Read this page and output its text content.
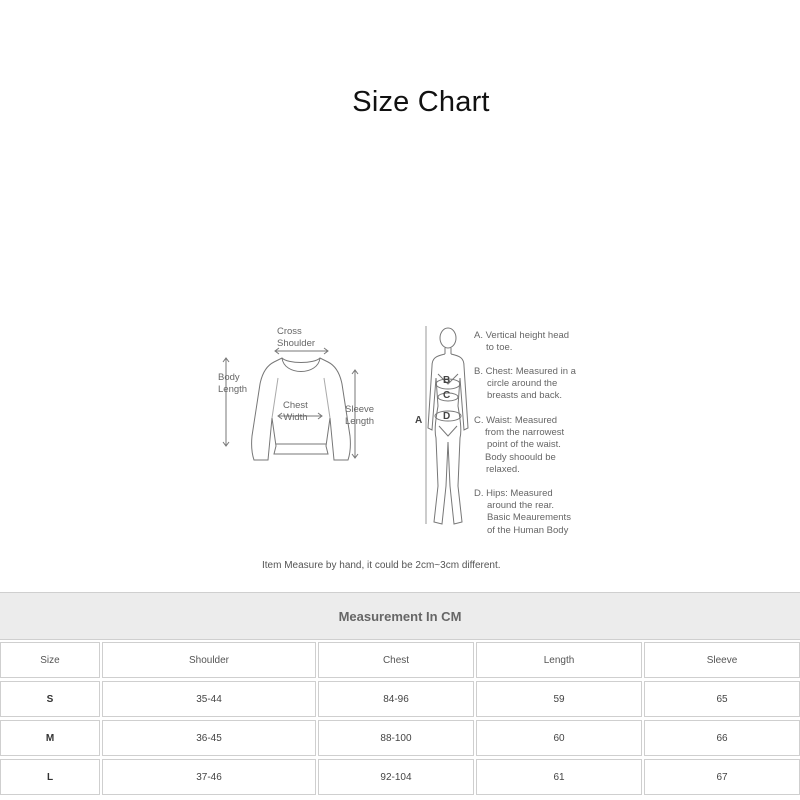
Size Chart
Cross
Shoulder
Body
Length
Chest
Width
Sleeve
Length	A
B
C
D
A. Vertical height head
to toe.
B. Chest: Measured in a
circle around the
breasts and back.
C. Waist: Measured
from the narrowest
point of the waist.
Body shoould be
relaxed.
D. Hips: Measured
around the rear.
Basic Meaurements
of the Human Body
Item Measure by hand, it could be 2cm~3cm different.
Measurement In CM
Size	Shoulder	Chest	Length	Sleeve
S	35-44	84-96	59	65
M	36-45	88-100	60	66
L	37-46	92-104	61	67
